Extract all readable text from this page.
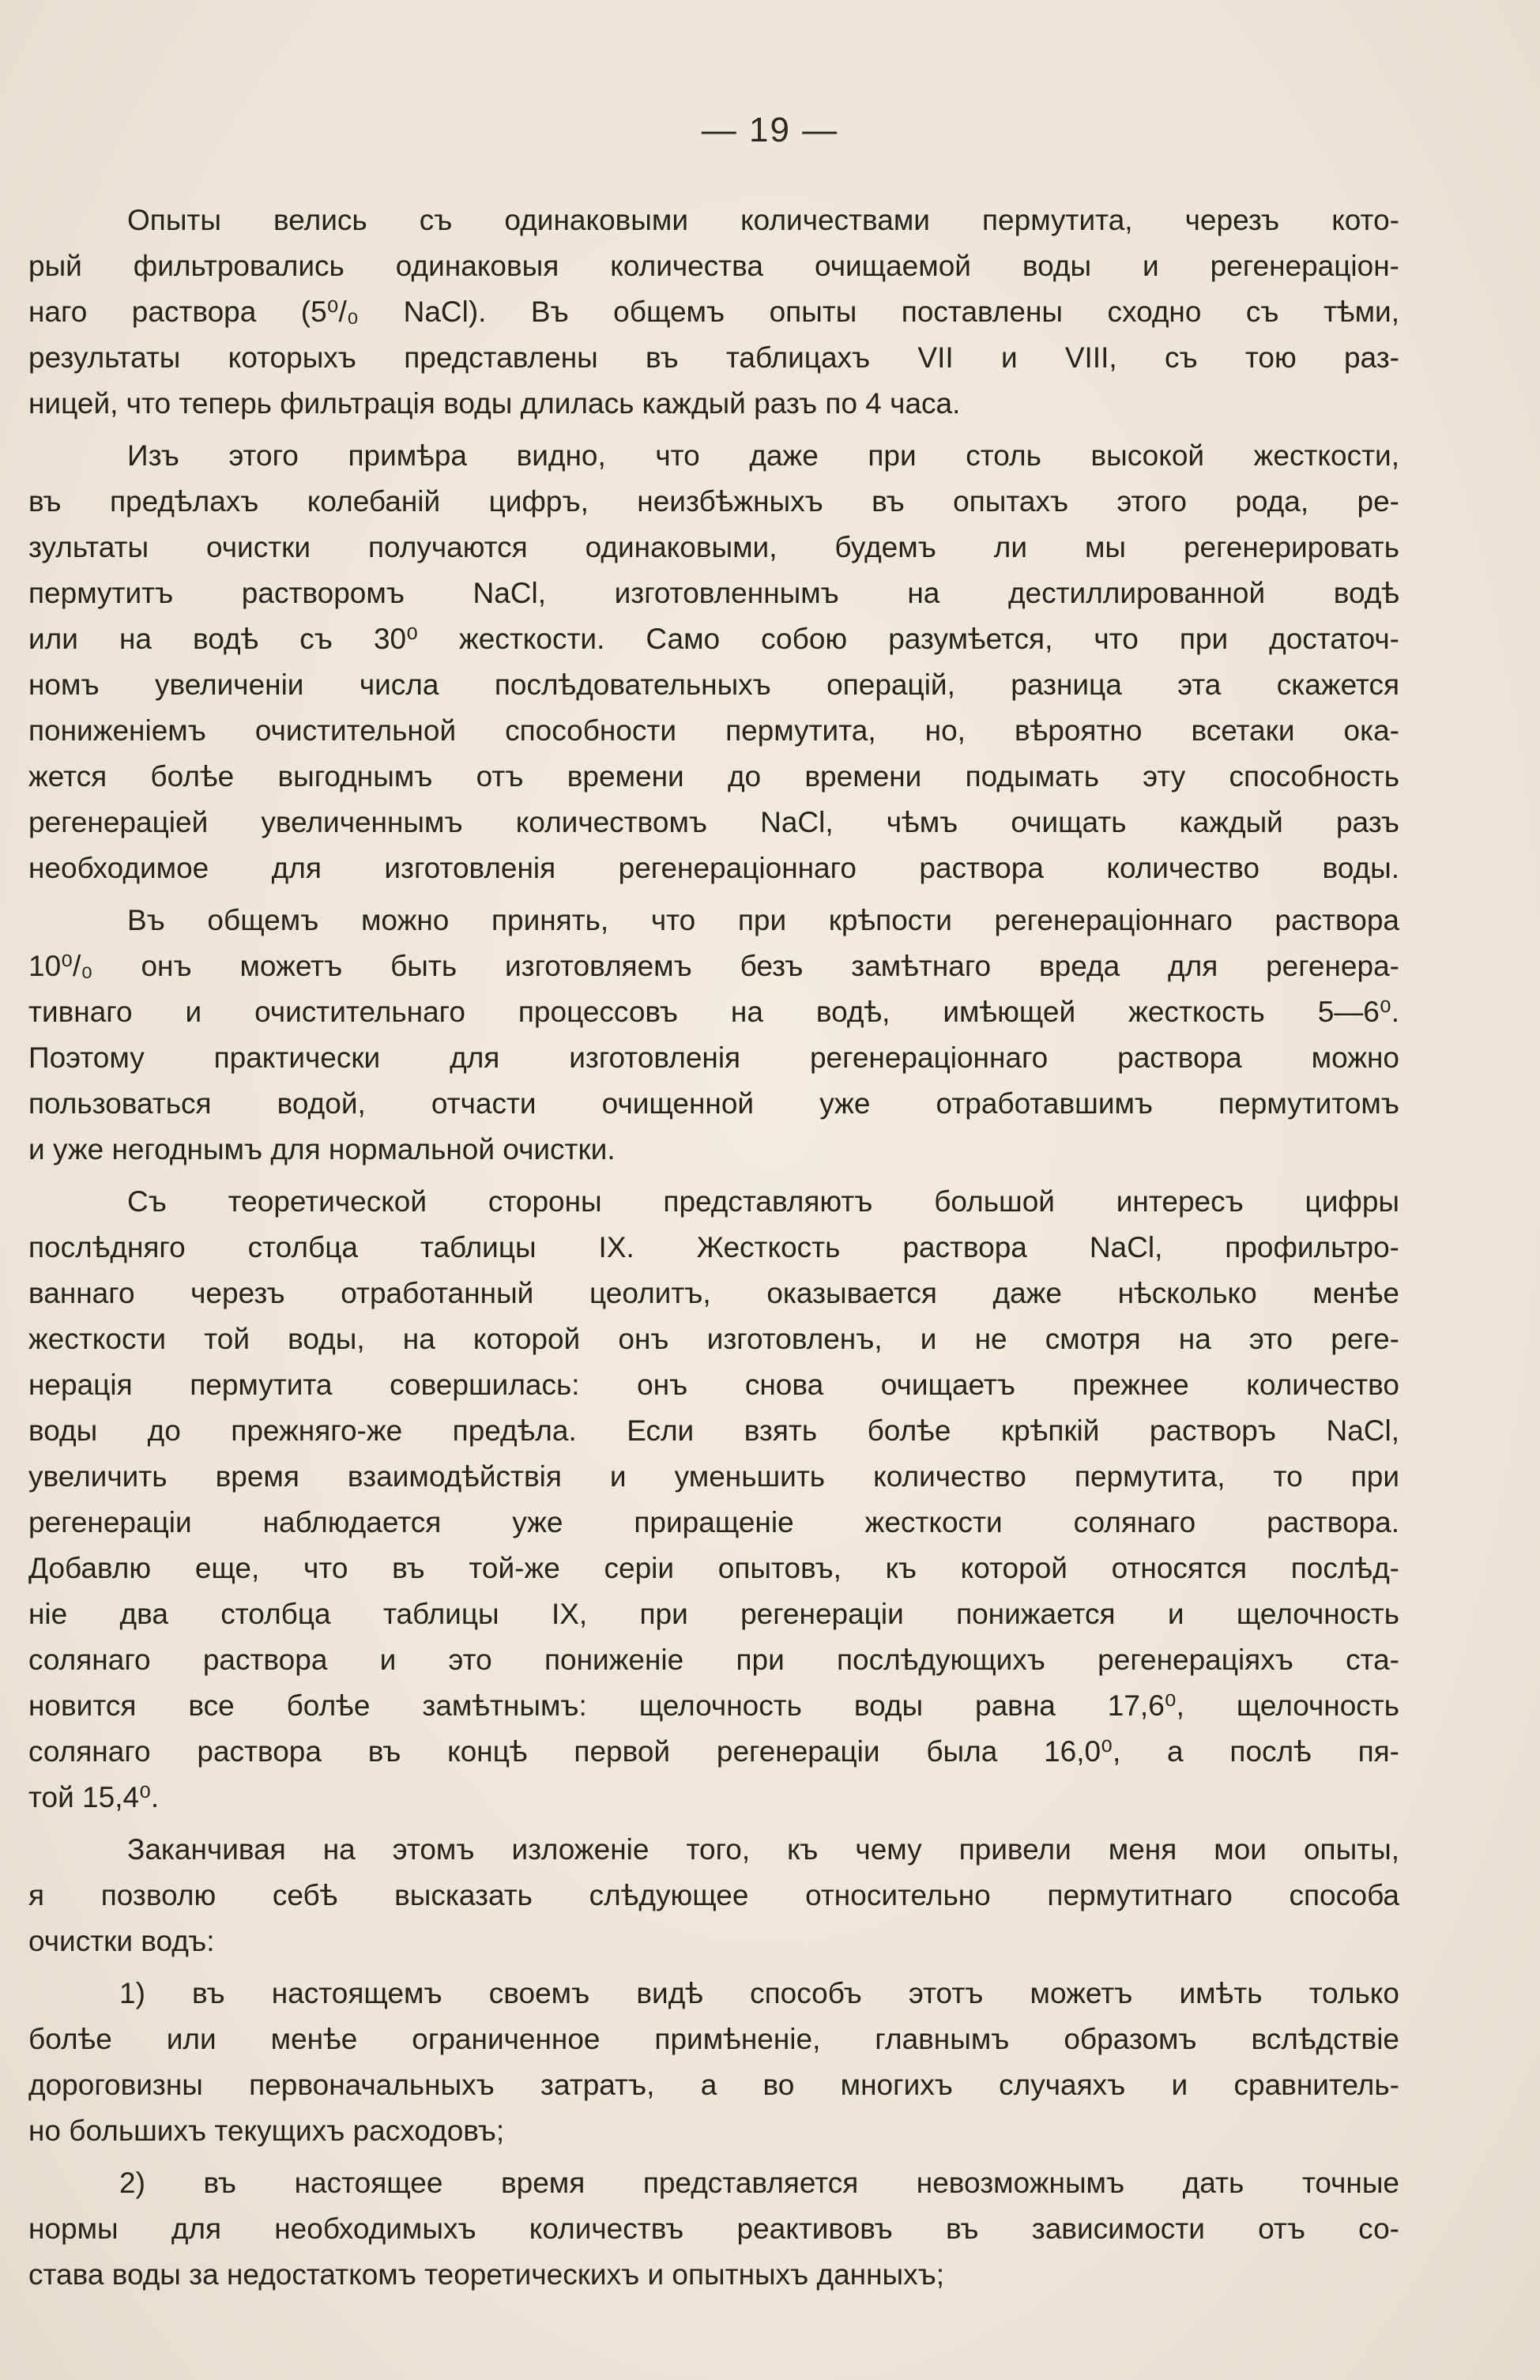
— 19 —
Опыты велись съ одинаковыми количествами пермутита, черезъ кото-
рый фильтровались одинаковыя количества очищаемой воды и регенераціон-
наго раствора (5⁰/₀ NaCl). Въ общемъ опыты поставлены сходно съ тѣми,
результаты которыхъ представлены въ таблицахъ VII и VIII, съ тою раз-
ницей, что теперь фильтрація воды длилась каждый разъ по 4 часа.
Изъ этого примѣра видно, что даже при столь высокой жесткости,
въ предѣлахъ колебаній цифръ, неизбѣжныхъ въ опытахъ этого рода, ре-
зультаты очистки получаются одинаковыми, будемъ ли мы регенерировать
пермутитъ растворомъ NaCl, изготовленнымъ на дестиллированной водѣ
или на водѣ съ 30⁰ жесткости. Само собою разумѣется, что при достаточ-
номъ увеличеніи числа послѣдовательныхъ операцій, разница эта скажется
пониженіемъ очистительной способности пермутита, но, вѣроятно всетаки ока-
жется болѣе выгоднымъ отъ времени до времени подымать эту способность
регенераціей увеличеннымъ количествомъ NaCl, чѣмъ очищать каждый разъ
необходимое для изготовленія регенераціоннаго раствора количество воды.
Въ общемъ можно принять, что при крѣпости регенераціоннаго раствора
10⁰/₀ онъ можетъ быть изготовляемъ безъ замѣтнаго вреда для регенера-
тивнаго и очистительнаго процессовъ на водѣ, имѣющей жесткость 5—6⁰.
Поэтому практически для изготовленія регенераціоннаго раствора можно
пользоваться водой, отчасти очищенной уже отработавшимъ пермутитомъ
и уже негоднымъ для нормальной очистки.
Съ теоретической стороны представляютъ большой интересъ цифры
послѣдняго столбца таблицы IX. Жесткость раствора NaCl, профильтро-
ваннаго черезъ отработанный цеолитъ, оказывается даже нѣсколько менѣе
жесткости той воды, на которой онъ изготовленъ, и не смотря на это реге-
нерація пермутита совершилась: онъ снова очищаетъ прежнее количество
воды до прежняго-же предѣла. Если взять болѣе крѣпкій растворъ NaCl,
увеличить время взаимодѣйствія и уменьшить количество пермутита, то при
регенераціи наблюдается уже приращеніе жесткости солянаго раствора.
Добавлю еще, что въ той-же серіи опытовъ, къ которой относятся послѣд-
ніе два столбца таблицы IX, при регенераціи понижается и щелочность
солянаго раствора и это пониженіе при послѣдующихъ регенераціяхъ ста-
новится все болѣе замѣтнымъ: щелочность воды равна 17,6⁰, щелочность
солянаго раствора въ концѣ первой регенераціи была 16,0⁰, а послѣ пя-
той 15,4⁰.
Заканчивая на этомъ изложеніе того, къ чему привели меня мои опыты,
я позволю себѣ высказать слѣдующее относительно пермутитнаго способа
очистки водъ:
1) въ настоящемъ своемъ видѣ способъ этотъ можетъ имѣть только
болѣе или менѣе ограниченное примѣненіе, главнымъ образомъ вслѣдствіе
дороговизны первоначальныхъ затратъ, а во многихъ случаяхъ и сравнитель-
но большихъ текущихъ расходовъ;
2) въ настоящее время представляется невозможнымъ дать точные
нормы для необходимыхъ количествъ реактивовъ въ зависимости отъ со-
става воды за недостаткомъ теоретическихъ и опытныхъ данныхъ;
